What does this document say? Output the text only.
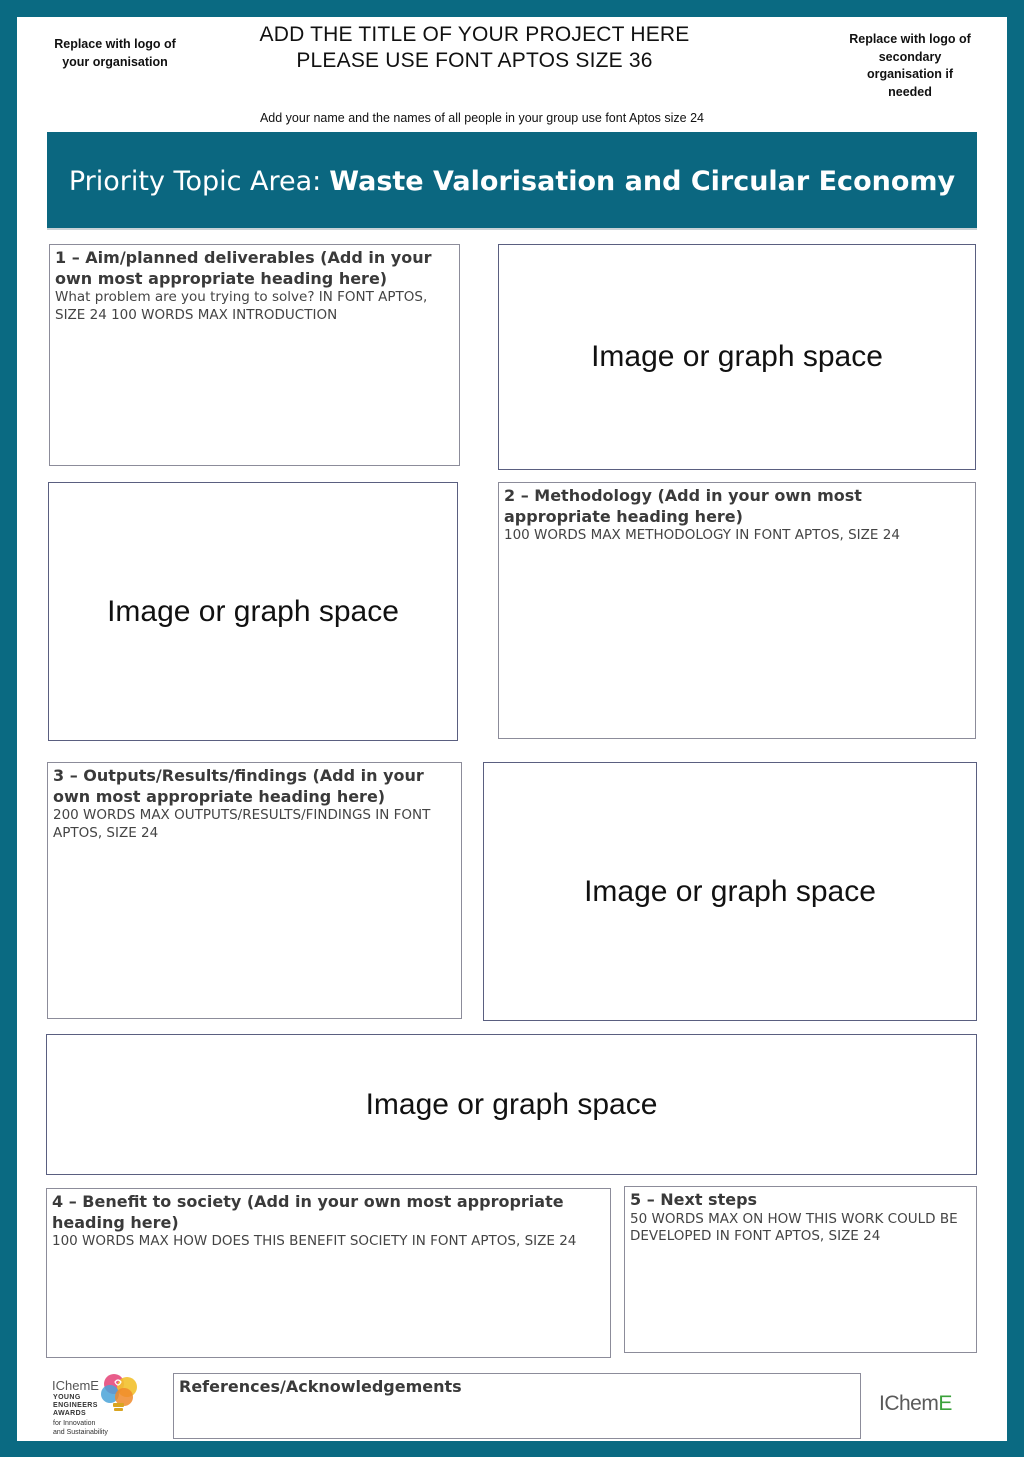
Replace with logo of your organisation
ADD THE TITLE OF YOUR PROJECT HERE
PLEASE USE FONT APTOS SIZE 36
Replace with logo of secondary organisation if needed
Add your name and the names of all people in your group use font Aptos size 24
Priority Topic Area: Waste Valorisation and Circular Economy
1 – Aim/planned deliverables (Add in your own most appropriate heading here)
What problem are you trying to solve? IN FONT APTOS, SIZE 24 100 WORDS MAX INTRODUCTION
Image or graph space
Image or graph space
2 – Methodology (Add in your own most appropriate heading here)
100 WORDS MAX METHODOLOGY IN FONT APTOS, SIZE 24
3 – Outputs/Results/findings (Add in your own most appropriate heading here)
200 WORDS MAX OUTPUTS/RESULTS/FINDINGS IN FONT APTOS, SIZE 24
Image or graph space
Image or graph space
4 – Benefit to society (Add in your own most appropriate heading here)
100 WORDS MAX HOW DOES THIS BENEFIT SOCIETY IN FONT APTOS, SIZE 24
5 – Next steps
50 WORDS MAX ON HOW THIS WORK COULD BE DEVELOPED IN FONT APTOS, SIZE 24
IChemE
YOUNG
ENGINEERS
AWARDS
for Innovation
and Sustainability
References/Acknowledgements
IChemE
